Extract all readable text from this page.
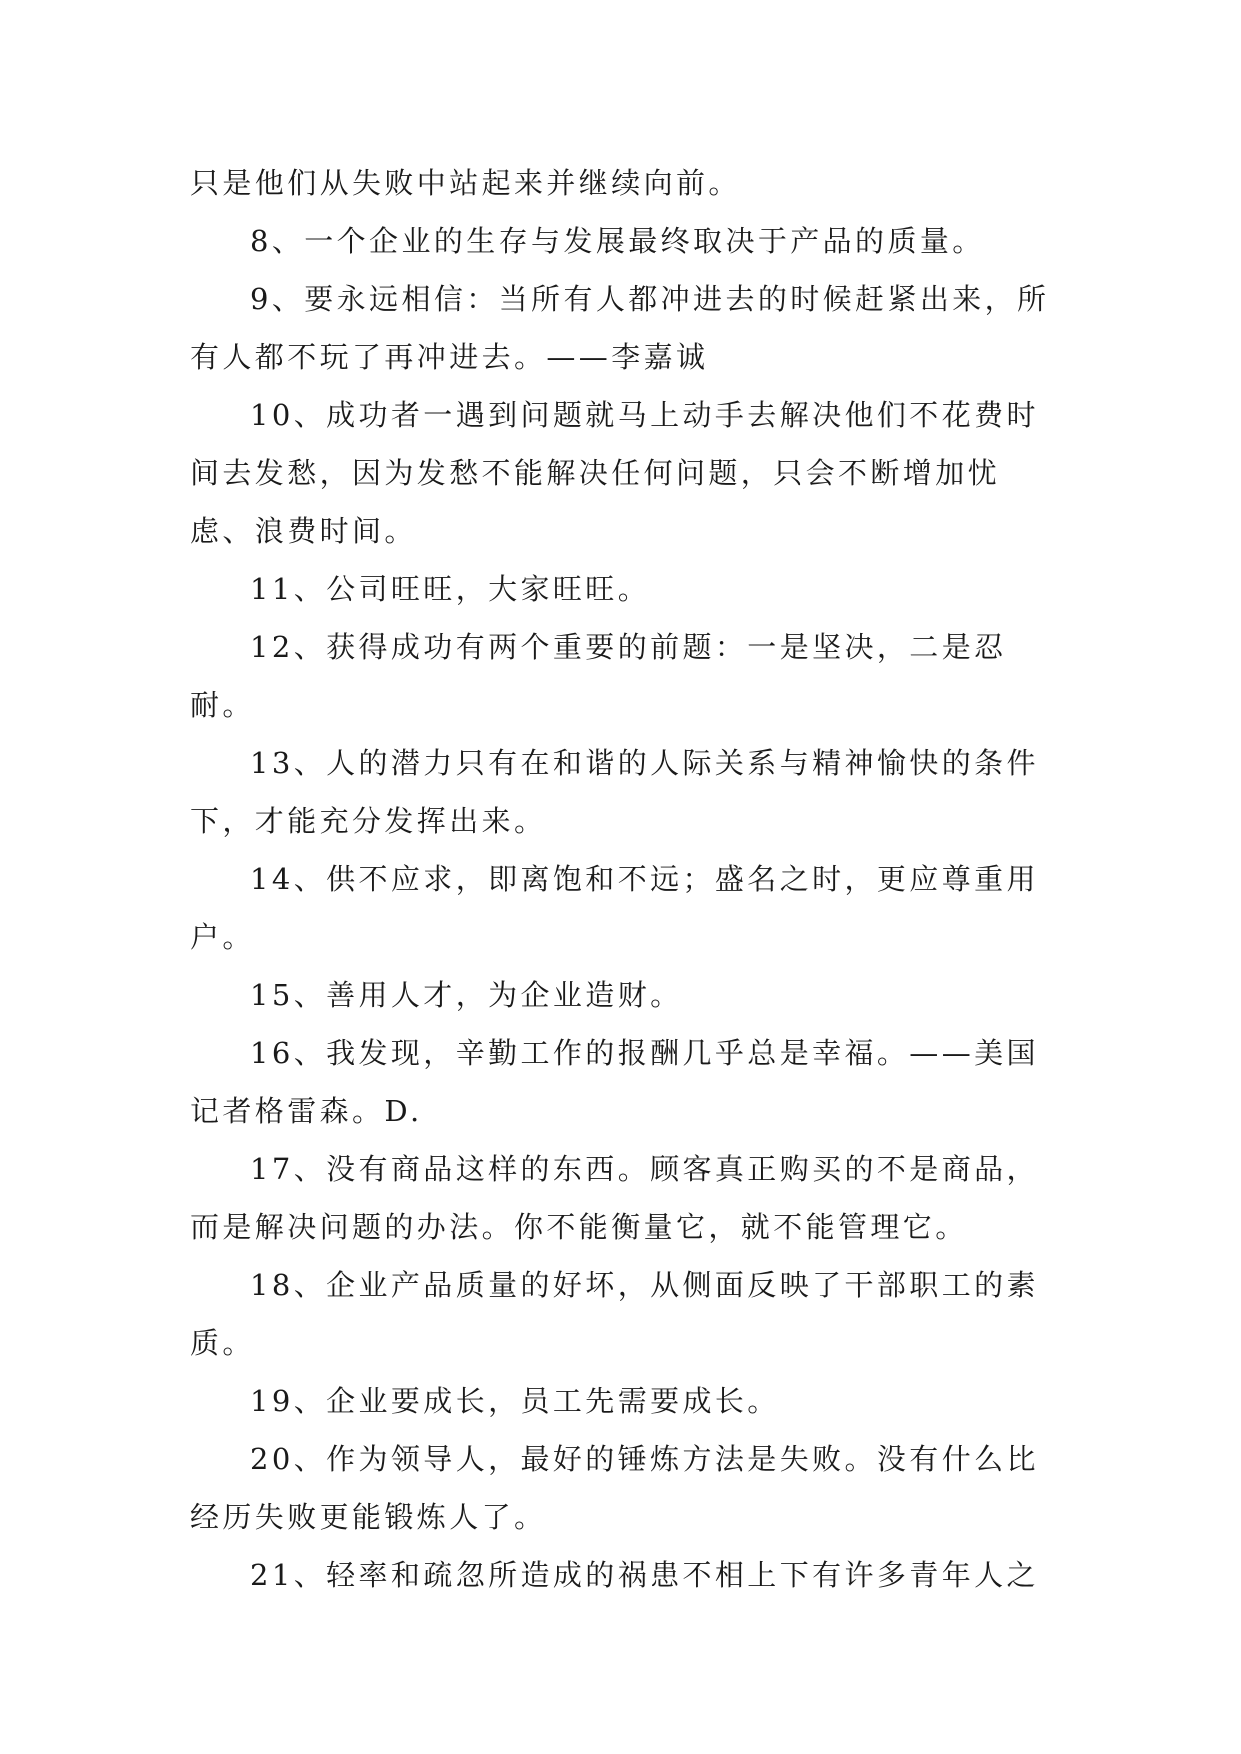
只是他们从失败中站起来并继续向前。

8、一个企业的生存与发展最终取决于产品的质量。

9、要永远相信：当所有人都冲进去的时候赶紧出来，所有人都不玩了再冲进去。——李嘉诚

10、成功者一遇到问题就马上动手去解决他们不花费时间去发愁，因为发愁不能解决任何问题，只会不断增加忧虑、浪费时间。

11、公司旺旺，大家旺旺。

12、获得成功有两个重要的前题：一是坚决，二是忍耐。

13、人的潜力只有在和谐的人际关系与精神愉快的条件下，才能充分发挥出来。

14、供不应求，即离饱和不远；盛名之时，更应尊重用户。

15、善用人才，为企业造财。

16、我发现，辛勤工作的报酬几乎总是幸福。——美国记者格雷森。D.

17、没有商品这样的东西。顾客真正购买的不是商品，而是解决问题的办法。你不能衡量它，就不能管理它。

18、企业产品质量的好坏，从侧面反映了干部职工的素质。

19、企业要成长，员工先需要成长。

20、作为领导人，最好的锤炼方法是失败。没有什么比经历失败更能锻炼人了。

21、轻率和疏忽所造成的祸患不相上下有许多青年人之
